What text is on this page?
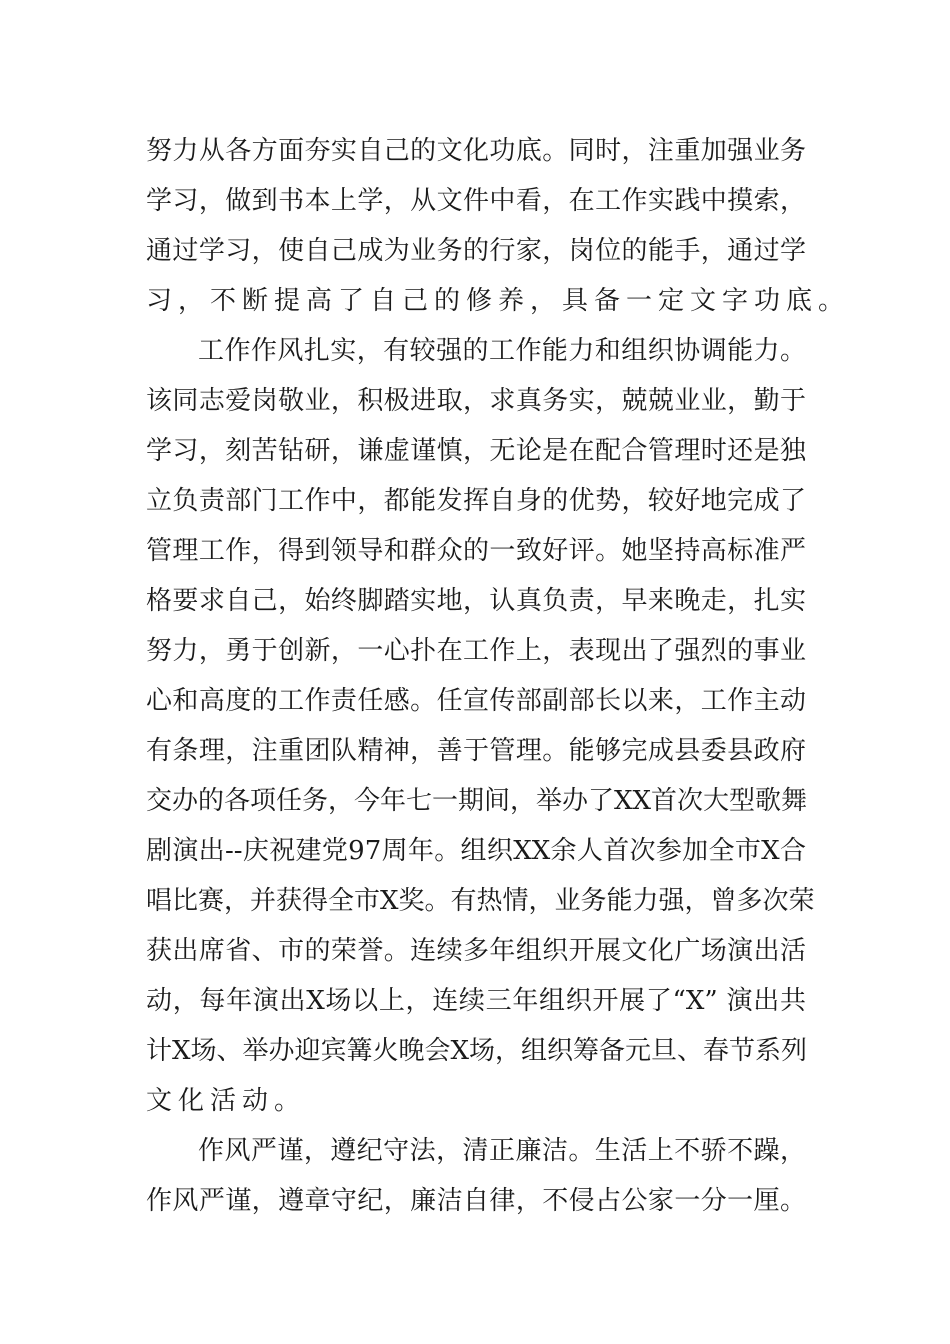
努力从各方面夯实自己的文化功底。同时，注重加强业务
学习，做到书本上学，从文件中看，在工作实践中摸索，
通过学习，使自己成为业务的行家，岗位的能手，通过学
习，不断提高了自己的修养，具备一定文字功底。
工作作风扎实，有较强的工作能力和组织协调能力。
该同志爱岗敬业，积极进取，求真务实，兢兢业业，勤于
学习，刻苦钻研，谦虚谨慎，无论是在配合管理时还是独
立负责部门工作中，都能发挥自身的优势，较好地完成了
管理工作，得到领导和群众的一致好评。她坚持高标准严
格要求自己，始终脚踏实地，认真负责，早来晚走，扎实
努力，勇于创新，一心扑在工作上，表现出了强烈的事业
心和高度的工作责任感。任宣传部副部长以来，工作主动
有条理，注重团队精神，善于管理。能够完成县委县政府
交办的各项任务，今年七一期间，举办了XX首次大型歌舞
剧演出--庆祝建党97周年。组织XX余人首次参加全市X合
唱比赛，并获得全市X奖。有热情，业务能力强，曾多次荣
获出席省、市的荣誉。连续多年组织开展文化广场演出活
动，每年演出X场以上，连续三年组织开展了“X” 演出共
计X场、举办迎宾篝火晚会X场，组织筹备元旦、春节系列
文化活动。
作风严谨，遵纪守法，清正廉洁。生活上不骄不躁，
作风严谨，遵章守纪，廉洁自律，不侵占公家一分一厘。
